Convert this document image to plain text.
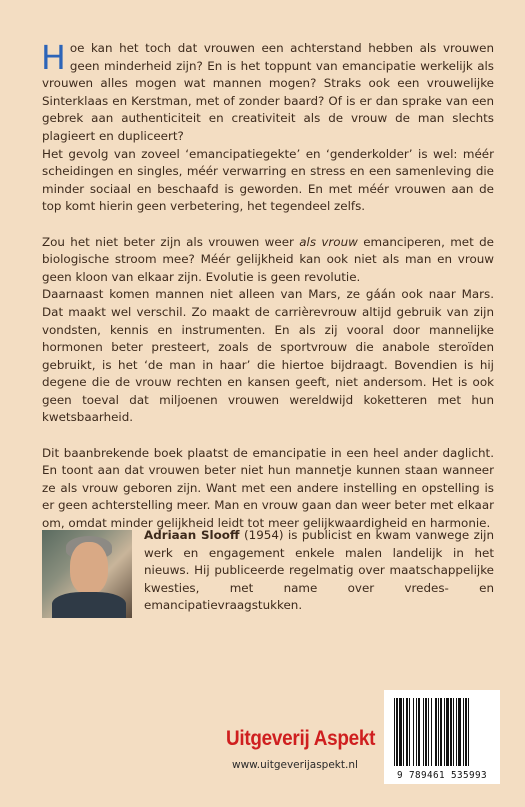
Hoe kan het toch dat vrouwen een achterstand hebben als vrouwen geen minderheid zijn? En is het toppunt van emancipatie werkelijk als vrouwen alles mogen wat mannen mogen? Straks ook een vrouwelijke Sinterklaas en Kerstman, met of zonder baard? Of is er dan sprake van een gebrek aan authenticiteit en creativiteit als de vrouw de man slechts plagieert en dupliceert?

Het gevolg van zoveel ‘emancipatiegekte’ en ‘genderkolder’ is wel: méér scheidingen en singles, méér verwarring en stress en een samenleving die minder sociaal en beschaafd is geworden. En met méér vrouwen aan de top komt hierin geen verbetering, het tegendeel zelfs.

Zou het niet beter zijn als vrouwen weer als vrouw emanciperen, met de biologische stroom mee? Méér gelijkheid kan ook niet als man en vrouw geen kloon van elkaar zijn. Evolutie is geen revolutie.

Daarnaast komen mannen niet alleen van Mars, ze gáán ook naar Mars. Dat maakt wel verschil. Zo maakt de carrièrevrouw altijd gebruik van zijn vondsten, kennis en instrumenten. En als zij vooral door mannelijke hormonen beter presteert, zoals de sportvrouw die anabole steroïden gebruikt, is het ‘de man in haar’ die hiertoe bijdraagt. Bovendien is hij degene die de vrouw rechten en kansen geeft, niet andersom. Het is ook geen toeval dat miljoenen vrouwen wereldwijd koketteren met hun kwetsbaarheid.

Dit baanbrekende boek plaatst de emancipatie in een heel ander daglicht. En toont aan dat vrouwen beter niet hun mannetje kunnen staan wanneer ze als vrouw geboren zijn. Want met een andere instelling en opstelling is er geen achterstelling meer. Man en vrouw gaan dan weer beter met elkaar om, omdat minder gelijkheid leidt tot meer gelijkwaardigheid en harmonie.

Adriaan Slooff (1954) is publicist en kwam vanwege zijn werk en engagement enkele malen landelijk in het nieuws. Hij publiceerde regelmatig over maatschappelijke kwesties, met name over vredes- en emancipatievraagstukken.
Uitgeverij Aspekt
www.uitgeverijaspekt.nl
9 789461 535993
